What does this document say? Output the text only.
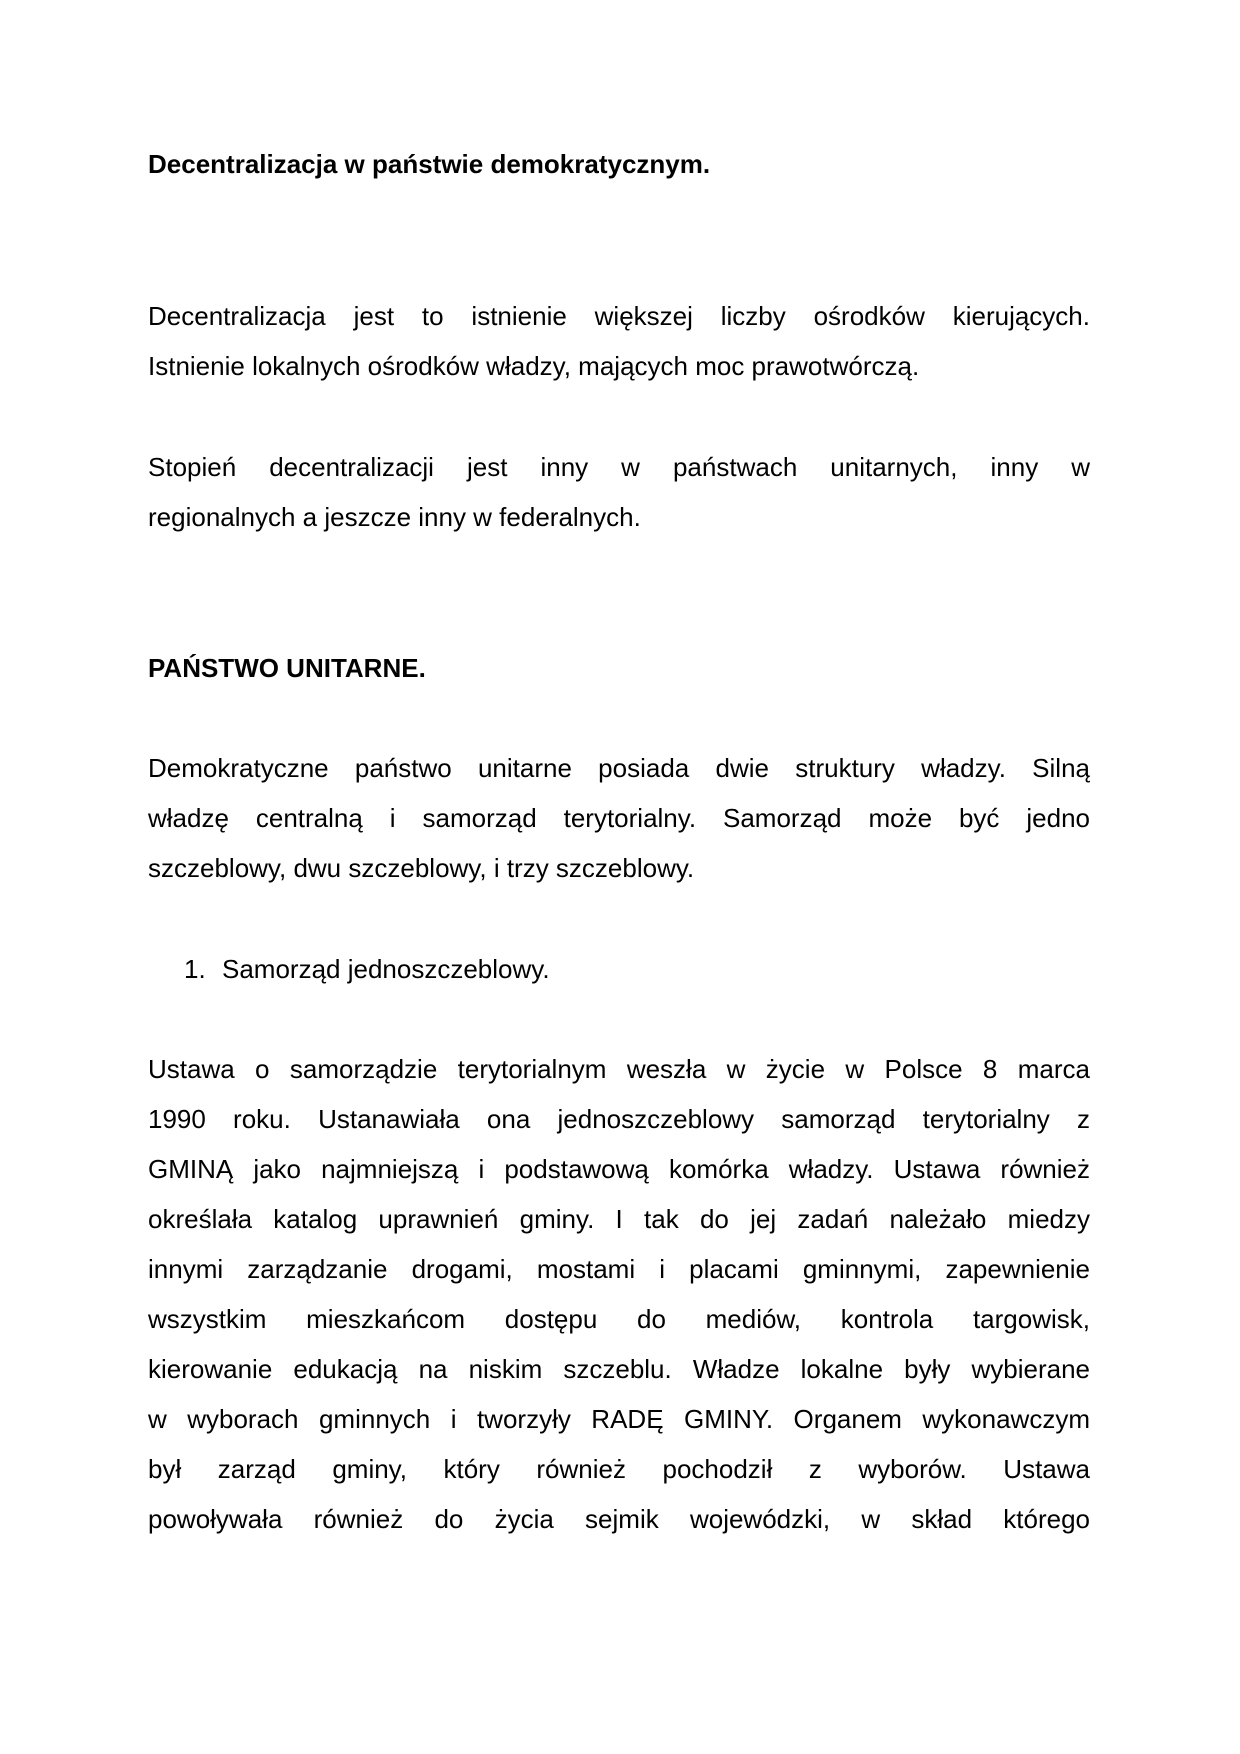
Decentralizacja w państwie demokratycznym.
Decentralizacja jest to istnienie większej liczby ośrodków kierujących.
Istnienie lokalnych ośrodków władzy, mających moc prawotwórczą.
Stopień decentralizacji jest inny w państwach unitarnych, inny w
regionalnych a jeszcze inny w federalnych.
PAŃSTWO UNITARNE.
Demokratyczne państwo unitarne posiada dwie struktury władzy. Silną
władzę centralną i samorząd terytorialny. Samorząd może być jedno
szczeblowy, dwu szczeblowy, i trzy szczeblowy.
1. Samorząd jednoszczeblowy.
Ustawa o samorządzie terytorialnym weszła w życie w Polsce 8 marca
1990 roku. Ustanawiała ona jednoszczeblowy samorząd terytorialny z
GMINĄ jako najmniejszą i podstawową komórka władzy. Ustawa również
określała katalog uprawnień gminy. I tak do jej zadań należało miedzy
innymi zarządzanie drogami, mostami i placami gminnymi, zapewnienie
wszystkim mieszkańcom dostępu do mediów, kontrola targowisk,
kierowanie edukacją na niskim szczeblu. Władze lokalne były wybierane
w wyborach gminnych i tworzyły RADĘ GMINY. Organem wykonawczym
był zarząd gminy, który również pochodził z wyborów. Ustawa
powoływała również do życia sejmik wojewódzki, w skład którego
